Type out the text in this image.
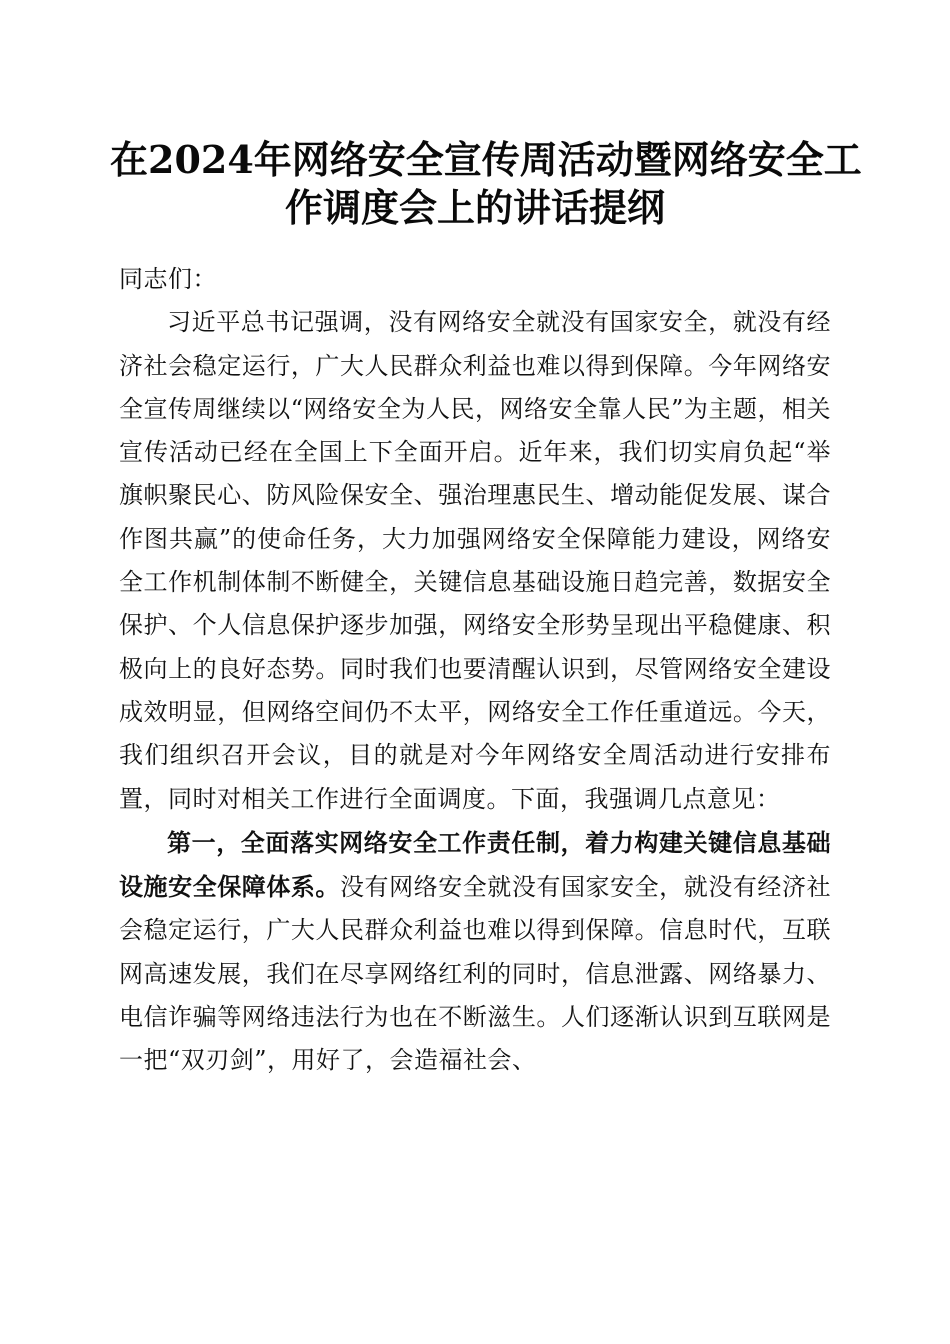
在2024年网络安全宣传周活动暨网络安全工
作调度会上的讲话提纲

同志们：

习近平总书记强调，没有网络安全就没有国家安全，就没有经济社会稳定运行，广大人民群众利益也难以得到保障。今年网络安全宣传周继续以“网络安全为人民，网络安全靠人民”为主题，相关宣传活动已经在全国上下全面开启。近年来，我们切实肩负起“举旗帜聚民心、防风险保安全、强治理惠民生、增动能促发展、谋合作图共赢”的使命任务，大力加强网络安全保障能力建设，网络安全工作机制体制不断健全，关键信息基础设施日趋完善，数据安全保护、个人信息保护逐步加强，网络安全形势呈现出平稳健康、积极向上的良好态势。同时我们也要清醒认识到，尽管网络安全建设成效明显，但网络空间仍不太平，网络安全工作任重道远。今天，我们组织召开会议，目的就是对今年网络安全周活动进行安排布置，同时对相关工作进行全面调度。下面，我强调几点意见：

第一，全面落实网络安全工作责任制，着力构建关键信息基础设施安全保障体系。没有网络安全就没有国家安全，就没有经济社会稳定运行，广大人民群众利益也难以得到保障。信息时代，互联网高速发展，我们在尽享网络红利的同时，信息泄露、网络暴力、电信诈骗等网络违法行为也在不断滋生。人们逐渐认识到互联网是一把“双刃剑”，用好了，会造福社会、
